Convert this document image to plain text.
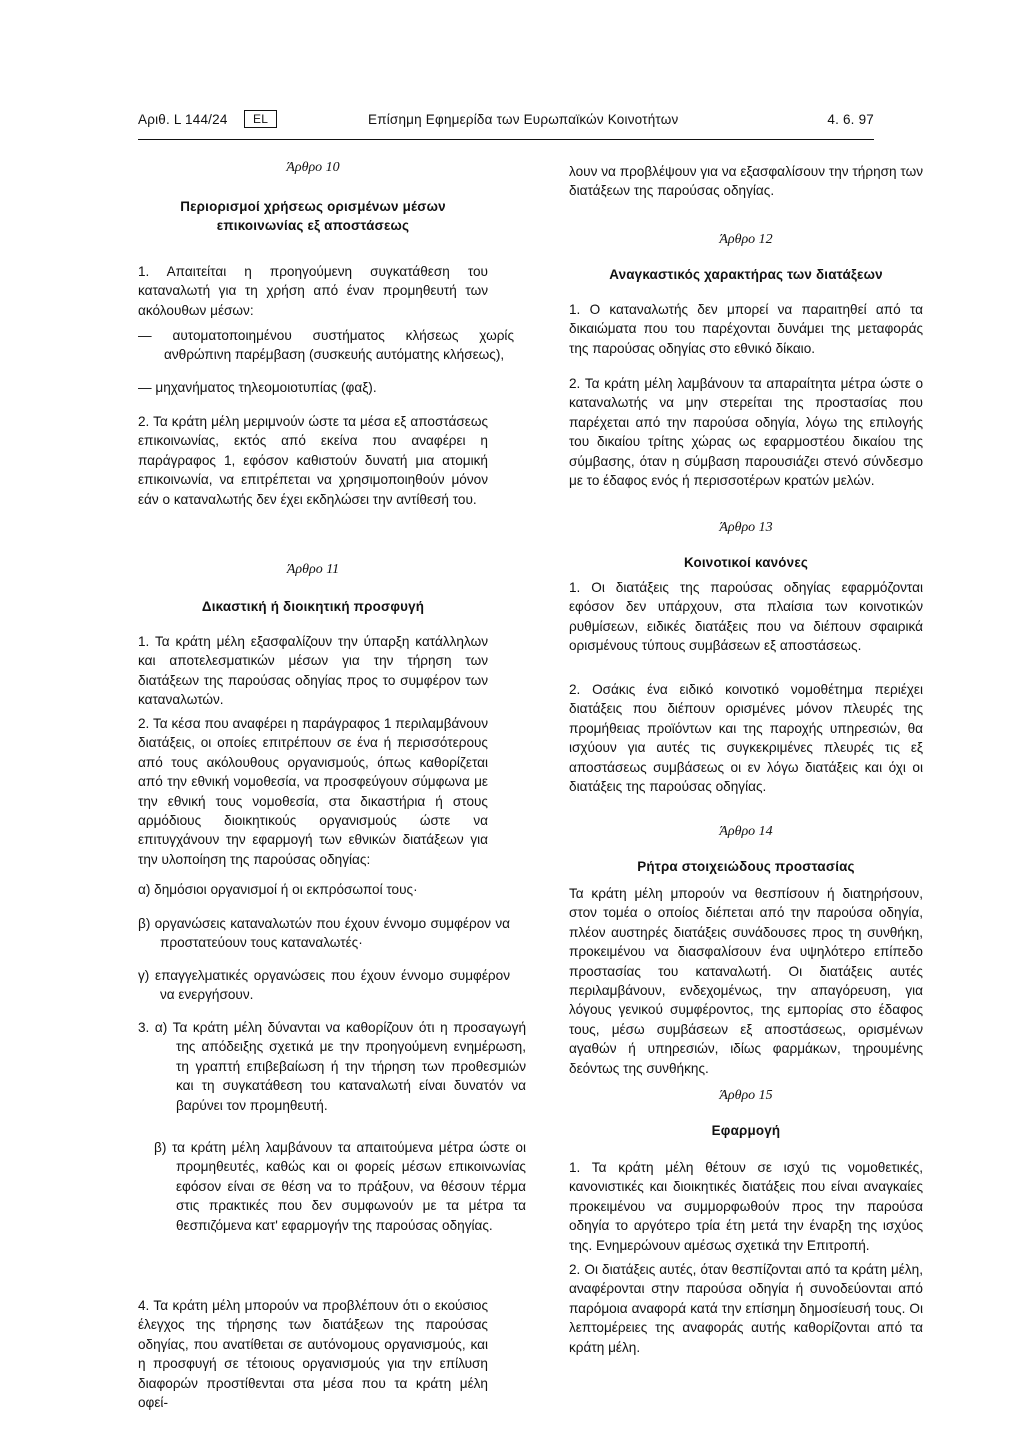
Αριθ. L 144/24	EL	Επίσημη Εφημερίδα των Ευρωπαϊκών Κοινοτήτων	4. 6. 97
Άρθρο 10
Περιορισμοί χρήσεως ορισμένων μέσων επικοινωνίας εξ αποστάσεως

1. Απαιτείται η προηγούμενη συγκατάθεση του καταναλωτή για τη χρήση από έναν προμηθευτή των ακόλουθων μέσων:

— αυτοματοποιημένου συστήματος κλήσεως χωρίς ανθρώπινη παρέμβαση (συσκευής αυτόματης κλήσεως),

— μηχανήματος τηλεομοιοτυπίας (φαξ).

2. Τα κράτη μέλη μεριμνούν ώστε τα μέσα εξ αποστάσεως επικοινωνίας, εκτός από εκείνα που αναφέρει η παράγραφος 1, εφόσον καθιστούν δυνατή μια ατομική επικοινωνία, να επιτρέπεται να χρησιμοποιηθούν μόνον εάν ο καταναλωτής δεν έχει εκδηλώσει την αντίθεσή του.

Άρθρο 11
Δικαστική ή διοικητική προσφυγή

1. Τα κράτη μέλη εξασφαλίζουν την ύπαρξη κατάλληλων και αποτελεσματικών μέσων για την τήρηση των διατάξεων της παρούσας οδηγίας προς το συμφέρον των καταναλωτών.

2. Τα κέσα που αναφέρει η παράγραφος 1 περιλαμβάνουν διατάξεις, οι οποίες επιτρέπουν σε ένα ή περισσότερους από τους ακόλουθους οργανισμούς, όπως καθορίζεται από την εθνική νομοθεσία, να προσφεύγουν σύμφωνα με την εθνική τους νομοθεσία, στα δικαστήρια ή στους αρμόδιους διοικητικούς οργανισμούς ώστε να επιτυγχάνουν την εφαρμογή των εθνικών διατάξεων για την υλοποίηση της παρούσας οδηγίας:

α) δημόσιοι οργανισμοί ή οι εκπρόσωποί τους·

β) οργανώσεις καταναλωτών που έχουν έννομο συμφέρον να προστατεύουν τους καταναλωτές·

γ) επαγγελματικές οργανώσεις που έχουν έννομο συμφέρον να ενεργήσουν.

3. α) Τα κράτη μέλη δύνανται να καθορίζουν ότι η προσαγωγή της απόδειξης σχετικά με την προηγούμενη ενημέρωση, τη γραπτή επιβεβαίωση ή την τήρηση των προθεσμιών και τη συγκατάθεση του καταναλωτή είναι δυνατόν να βαρύνει τον προμηθευτή.

β) τα κράτη μέλη λαμβάνουν τα απαιτούμενα μέτρα ώστε οι προμηθευτές, καθώς και οι φορείς μέσων επικοινωνίας εφόσον είναι σε θέση να το πράξουν, να θέσουν τέρμα στις πρακτικές που δεν συμφωνούν με τα μέτρα τα θεσπιζόμενα κατ' εφαρμογήν της παρούσας οδηγίας.

4. Τα κράτη μέλη μπορούν να προβλέπουν ότι ο εκούσιος έλεγχος της τήρησης των διατάξεων της παρούσας οδηγίας, που ανατίθεται σε αυτόνομους οργανισμούς, και η προσφυγή σε τέτοιους οργανισμούς για την επίλυση διαφορών προστίθενται στα μέσα που τα κράτη μέλη οφεί-

λουν να προβλέψουν για να εξασφαλίσουν την τήρηση των διατάξεων της παρούσας οδηγίας.

Άρθρο 12
Αναγκαστικός χαρακτήρας των διατάξεων

1. Ο καταναλωτής δεν μπορεί να παραιτηθεί από τα δικαιώματα που του παρέχονται δυνάμει της μεταφοράς της παρούσας οδηγίας στο εθνικό δίκαιο.

2. Τα κράτη μέλη λαμβάνουν τα απαραίτητα μέτρα ώστε ο καταναλωτής να μην στερείται της προστασίας που παρέχεται από την παρούσα οδηγία, λόγω της επιλογής του δικαίου τρίτης χώρας ως εφαρμοστέου δικαίου της σύμβασης, όταν η σύμβαση παρουσιάζει στενό σύνδεσμο με το έδαφος ενός ή περισσοτέρων κρατών μελών.

Άρθρο 13
Κοινοτικοί κανόνες

1. Οι διατάξεις της παρούσας οδηγίας εφαρμόζονται εφόσον δεν υπάρχουν, στα πλαίσια των κοινοτικών ρυθμίσεων, ειδικές διατάξεις που να διέπουν σφαιρικά ορισμένους τύπους συμβάσεων εξ αποστάσεως.

2. Οσάκις ένα ειδικό κοινοτικό νομοθέτημα περιέχει διατάξεις που διέπουν ορισμένες μόνον πλευρές της προμήθειας προϊόντων και της παροχής υπηρεσιών, θα ισχύουν για αυτές τις συγκεκριμένες πλευρές τις εξ αποστάσεως συμβάσεως οι εν λόγω διατάξεις και όχι οι διατάξεις της παρούσας οδηγίας.

Άρθρο 14
Ρήτρα στοιχειώδους προστασίας

Τα κράτη μέλη μπορούν να θεσπίσουν ή διατηρήσουν, στον τομέα ο οποίος διέπεται από την παρούσα οδηγία, πλέον αυστηρές διατάξεις συνάδουσες προς τη συνθήκη, προκειμένου να διασφαλίσουν ένα υψηλότερο επίπεδο προστασίας του καταναλωτή. Οι διατάξεις αυτές περιλαμβάνουν, ενδεχομένως, την απαγόρευση, για λόγους γενικού συμφέροντος, της εμπορίας στο έδαφος τους, μέσω συμβάσεων εξ αποστάσεως, ορισμένων αγαθών ή υπηρεσιών, ιδίως φαρμάκων, τηρουμένης δεόντως της συνθήκης.

Άρθρο 15
Εφαρμογή

1. Τα κράτη μέλη θέτουν σε ισχύ τις νομοθετικές, κανονιστικές και διοικητικές διατάξεις που είναι αναγκαίες προκειμένου να συμμορφωθούν προς την παρούσα οδηγία το αργότερο τρία έτη μετά την έναρξη της ισχύος της. Ενημερώνουν αμέσως σχετικά την Επιτροπή.

2. Οι διατάξεις αυτές, όταν θεσπίζονται από τα κράτη μέλη, αναφέρονται στην παρούσα οδηγία ή συνοδεύονται από παρόμοια αναφορά κατά την επίσημη δημοσίευσή τους. Οι λεπτομέρειες της αναφοράς αυτής καθορίζονται από τα κράτη μέλη.
